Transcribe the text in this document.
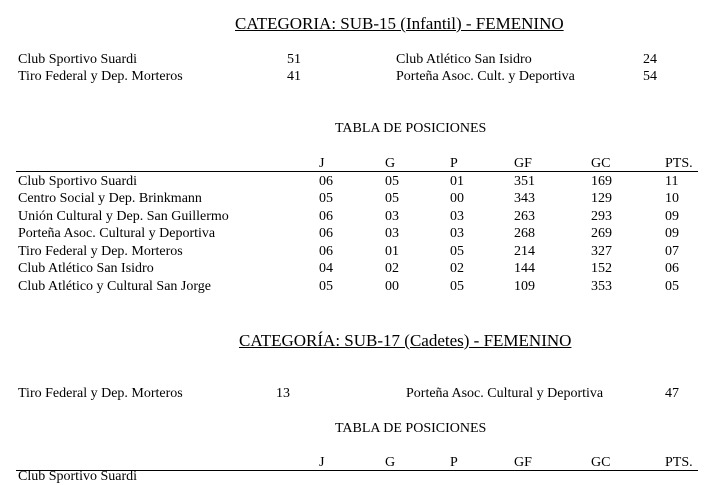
CATEGORIA: SUB-15 (Infantil) - FEMENINO
Club Sportivo Suardi	51	Club Atlético San Isidro	24
Tiro Federal y Dep. Morteros	41	Porteña Asoc. Cult. y Deportiva	54
TABLA DE POSICIONES
J	G	P	GF	GC	PTS.
Club Sportivo Suardi	06	05	01	351	169	11
Centro Social y Dep. Brinkmann	05	05	00	343	129	10
Unión Cultural y Dep. San Guillermo	06	03	03	263	293	09
Porteña Asoc. Cultural y Deportiva	06	03	03	268	269	09
Tiro Federal y Dep. Morteros	06	01	05	214	327	07
Club Atlético San Isidro	04	02	02	144	152	06
Club Atlético y Cultural San Jorge	05	00	05	109	353	05
CATEGORÍA: SUB-17 (Cadetes) - FEMENINO
Tiro Federal y Dep. Morteros	13	Porteña Asoc. Cultural y Deportiva	47
TABLA DE POSICIONES
J	G	P	GF	GC	PTS.
Club Sportivo Suardi
